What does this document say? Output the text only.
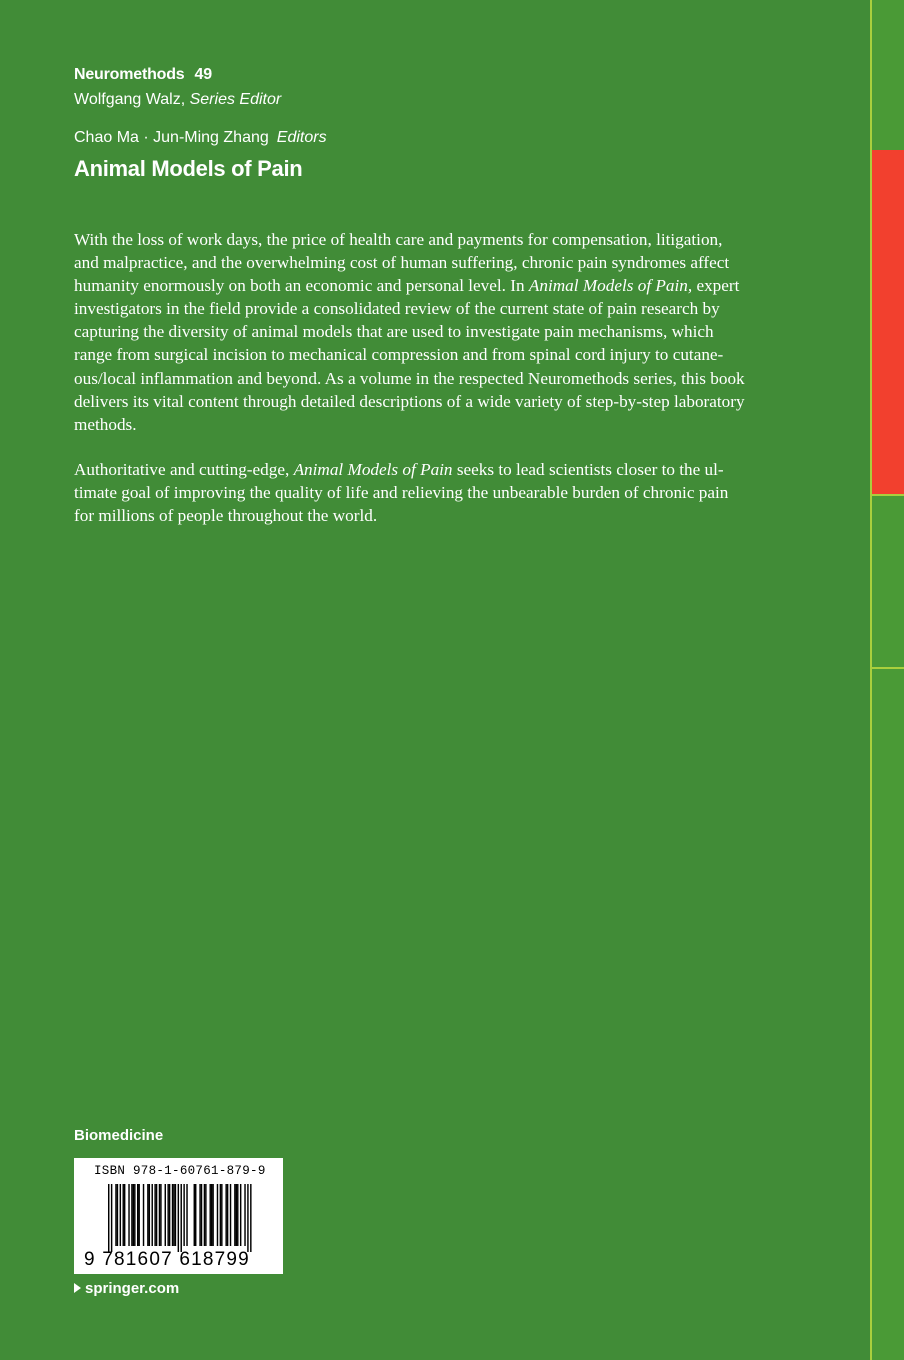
Neuromethods 49
Wolfgang Walz, Series Editor
Chao Ma · Jun-Ming Zhang Editors
Animal Models of Pain

With the loss of work days, the price of health care and payments for compensation, litigation,
and malpractice, and the overwhelming cost of human suffering, chronic pain syndromes affect
humanity enormously on both an economic and personal level. In Animal Models of Pain, expert
investigators in the field provide a consolidated review of the current state of pain research by
capturing the diversity of animal models that are used to investigate pain mechanisms, which
range from surgical incision to mechanical compression and from spinal cord injury to cutane-
ous/local inflammation and beyond. As a volume in the respected Neuromethods series, this book
delivers its vital content through detailed descriptions of a wide variety of step-by-step laboratory
methods.

Authoritative and cutting-edge, Animal Models of Pain seeks to lead scientists closer to the ul-
timate goal of improving the quality of life and relieving the unbearable burden of chronic pain
for millions of people throughout the world.

Biomedicine
ISBN 978-1-60761-879-9
9 781607 618799
springer.com
